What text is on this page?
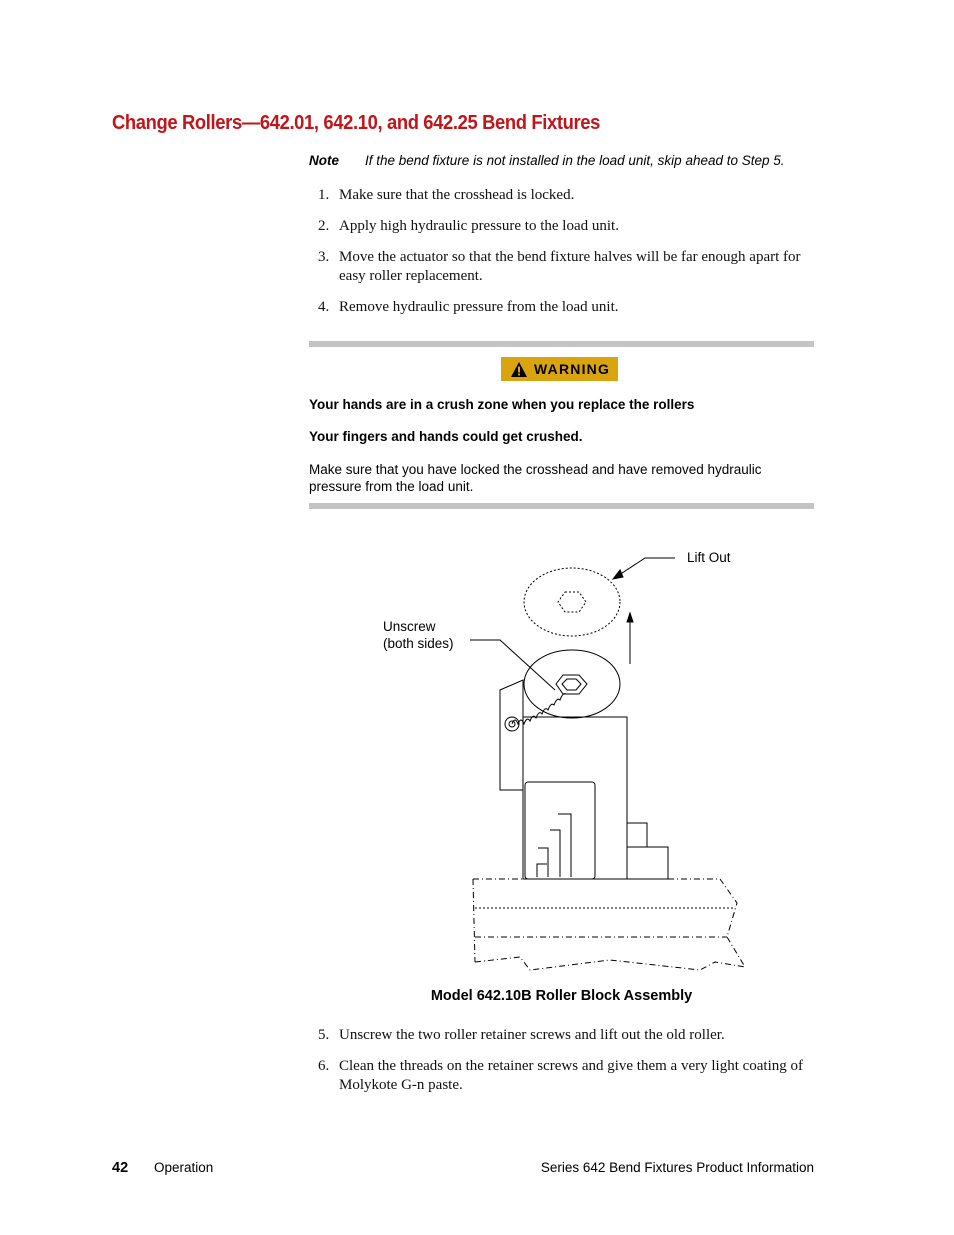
Change Rollers—642.01, 642.10, and 642.25 Bend Fixtures
Note If the bend fixture is not installed in the load unit, skip ahead to Step 5.
1. Make sure that the crosshead is locked.
2. Apply high hydraulic pressure to the load unit.
3. Move the actuator so that the bend fixture halves will be far enough apart for easy roller replacement.
4. Remove hydraulic pressure from the load unit.
WARNING
Your hands are in a crush zone when you replace the rollers
Your fingers and hands could get crushed.
Make sure that you have locked the crosshead and have removed hydraulic pressure from the load unit.
Lift Out
Unscrew
(both sides)
Model 642.10B Roller Block Assembly
5. Unscrew the two roller retainer screws and lift out the old roller.
6. Clean the threads on the retainer screws and give them a very light coating of Molykote G-n paste.
42 Operation	Series 642 Bend Fixtures Product Information
